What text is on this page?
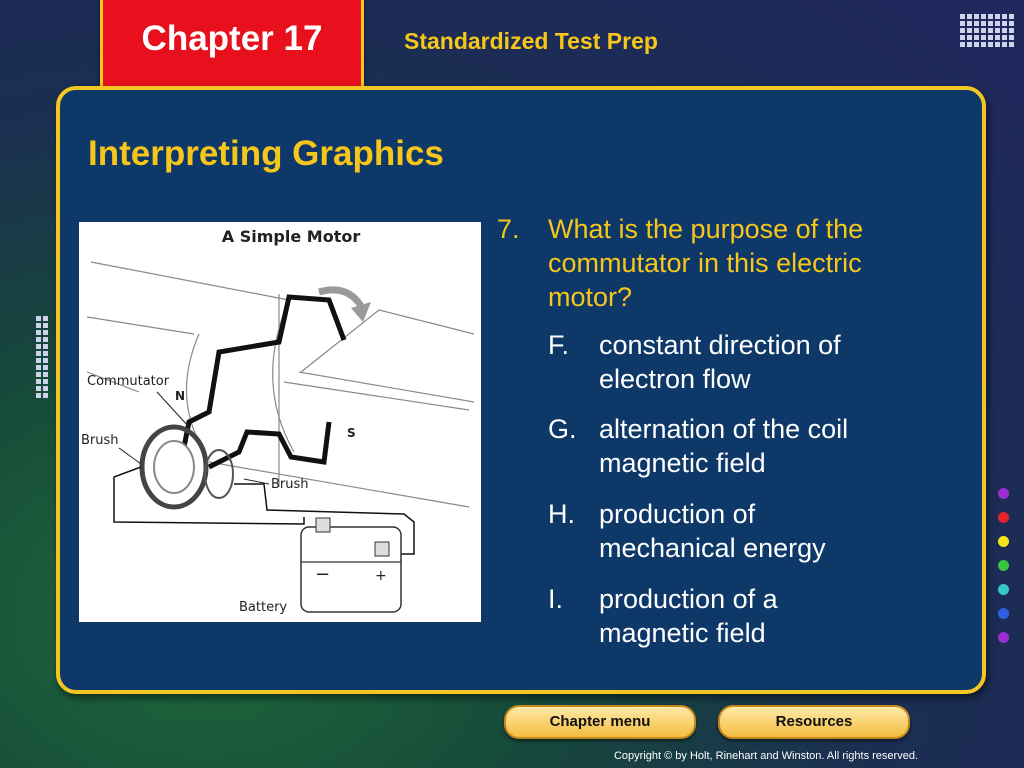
Chapter 17	Standardized Test Prep
Interpreting Graphics
A Simple Motor
Commutator
N
S
Brush
Brush
Battery
−	+
7. What is the purpose of the
commutator in this electric
motor?
F. constant direction of
electron flow
G. alternation of the coil
magnetic field
H. production of
mechanical energy
I. production of a
magnetic field
Chapter menu	Resources
Copyright © by Holt, Rinehart and Winston. All rights reserved.
